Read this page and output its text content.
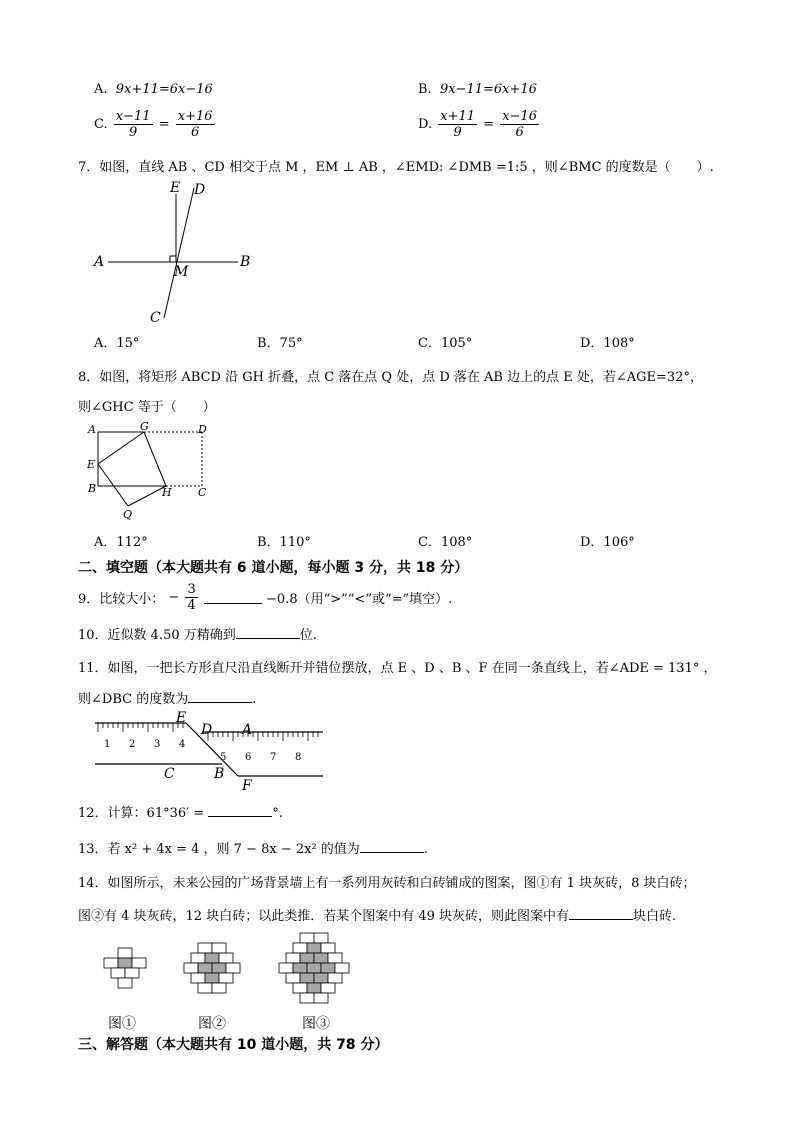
A. 9x+11=6x−16	B. 9x−11=6x+16
C. $\frac{x-11}{9} = \frac{x+16}{6}$	D. $\frac{x+11}{9} = \frac{x-16}{6}$
7．如图，直线 AB 、CD 相交于点 M ，EM ⊥ AB ，∠EMD: ∠DMB =1:5 ，则∠BMC 的度数是（　　）.
E D
A	B
M
C
A．15°	B．75°	C．105°	D．108°
8．如图，将矩形 ABCD 沿 GH 折叠，点 C 落在点 Q 处，点 D 落在 AB 边上的点 E 处，若∠AGE=32°，
则∠GHC 等于（　　）
A	G	D
E
B	H C
Q
A．112°	B．110°	C．108°	D．106°
二、填空题（本大题共有 6 道小题，每小题 3 分，共 18 分）
9．比较大小： − $\frac{3}{4}$	−0.8（用“>”“<”或“=”填空）.
10．近似数 4.50 万精确到	位.
11．如图，一把长方形直尺沿直线断开并错位摆放，点 E 、D 、B 、F 在同一条直线上，若∠ADE = 131° ，
则∠DBC 的度数为	.
1 2 3 4
5 6 7 8
E
D A
C	B
F
12．计算：61°36′ =	°.
13．若 x² + 4x = 4 ，则 7 − 8x − 2x² 的值为	.
14．如图所示，未来公园的广场背景墙上有一系列用灰砖和白砖铺成的图案，图①有 1 块灰砖，8 块白砖；
图②有 4 块灰砖，12 块白砖；以此类推．若某个图案中有 49 块灰砖，则此图案中有	块白砖.
图①	图②	图③
三、解答题（本大题共有 10 道小题，共 78 分）
